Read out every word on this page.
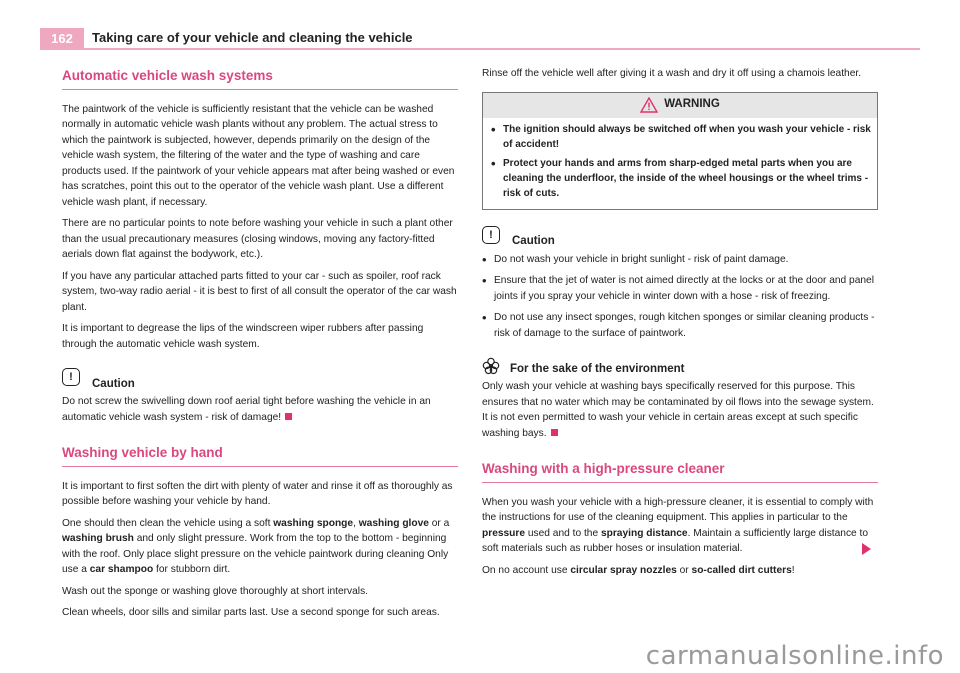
162	Taking care of your vehicle and cleaning the vehicle
Automatic vehicle wash systems

The paintwork of the vehicle is sufficiently resistant that the vehicle can be washed normally in automatic vehicle wash plants without any problem. The actual stress to which the paintwork is subjected, however, depends primarily on the design of the vehicle wash system, the filtering of the water and the type of washing and care products used. If the paintwork of your vehicle appears mat after being washed or even has scratches, point this out to the operator of the vehicle wash plant. Use a different vehicle wash plant, if necessary.

There are no particular points to note before washing your vehicle in such a plant other than the usual precautionary measures (closing windows, moving any factory-fitted aerials down flat against the bodywork, etc.).

If you have any particular attached parts fitted to your car - such as spoiler, roof rack system, two-way radio aerial - it is best to first of all consult the operator of the car wash plant.

It is important to degrease the lips of the windscreen wiper rubbers after passing through the automatic vehicle wash system.

!
Caution

Do not screw the swivelling down roof aerial tight before washing the vehicle in an automatic vehicle wash system - risk of damage!

Washing vehicle by hand

It is important to first soften the dirt with plenty of water and rinse it off as thoroughly as possible before washing your vehicle by hand.

One should then clean the vehicle using a soft washing sponge, washing glove or a washing brush and only slight pressure. Work from the top to the bottom - beginning with the roof. Only place slight pressure on the vehicle paintwork during cleaning Only use a car shampoo for stubborn dirt.

Wash out the sponge or washing glove thoroughly at short intervals.

Clean wheels, door sills and similar parts last. Use a second sponge for such areas.

Rinse off the vehicle well after giving it a wash and dry it off using a chamois leather.

WARNING

• The ignition should always be switched off when you wash your vehicle - risk of accident!

• Protect your hands and arms from sharp-edged metal parts when you are cleaning the underfloor, the inside of the wheel housings or the wheel trims - risk of cuts.

!
Caution

• Do not wash your vehicle in bright sunlight - risk of paint damage.

• Ensure that the jet of water is not aimed directly at the locks or at the door and panel joints if you spray your vehicle in winter down with a hose - risk of freezing.

• Do not use any insect sponges, rough kitchen sponges or similar cleaning products - risk of damage to the surface of paintwork.

For the sake of the environment

Only wash your vehicle at washing bays specifically reserved for this purpose. This ensures that no water which may be contaminated by oil flows into the sewage system. It is not even permitted to wash your vehicle in certain areas except at such specific washing bays.

Washing with a high-pressure cleaner

When you wash your vehicle with a high-pressure cleaner, it is essential to comply with the instructions for use of the cleaning equipment. This applies in particular to the pressure used and to the spraying distance. Maintain a sufficiently large distance to soft materials such as rubber hoses or insulation material.

On no account use circular spray nozzles or so-called dirt cutters!

carmanualsonline.info
